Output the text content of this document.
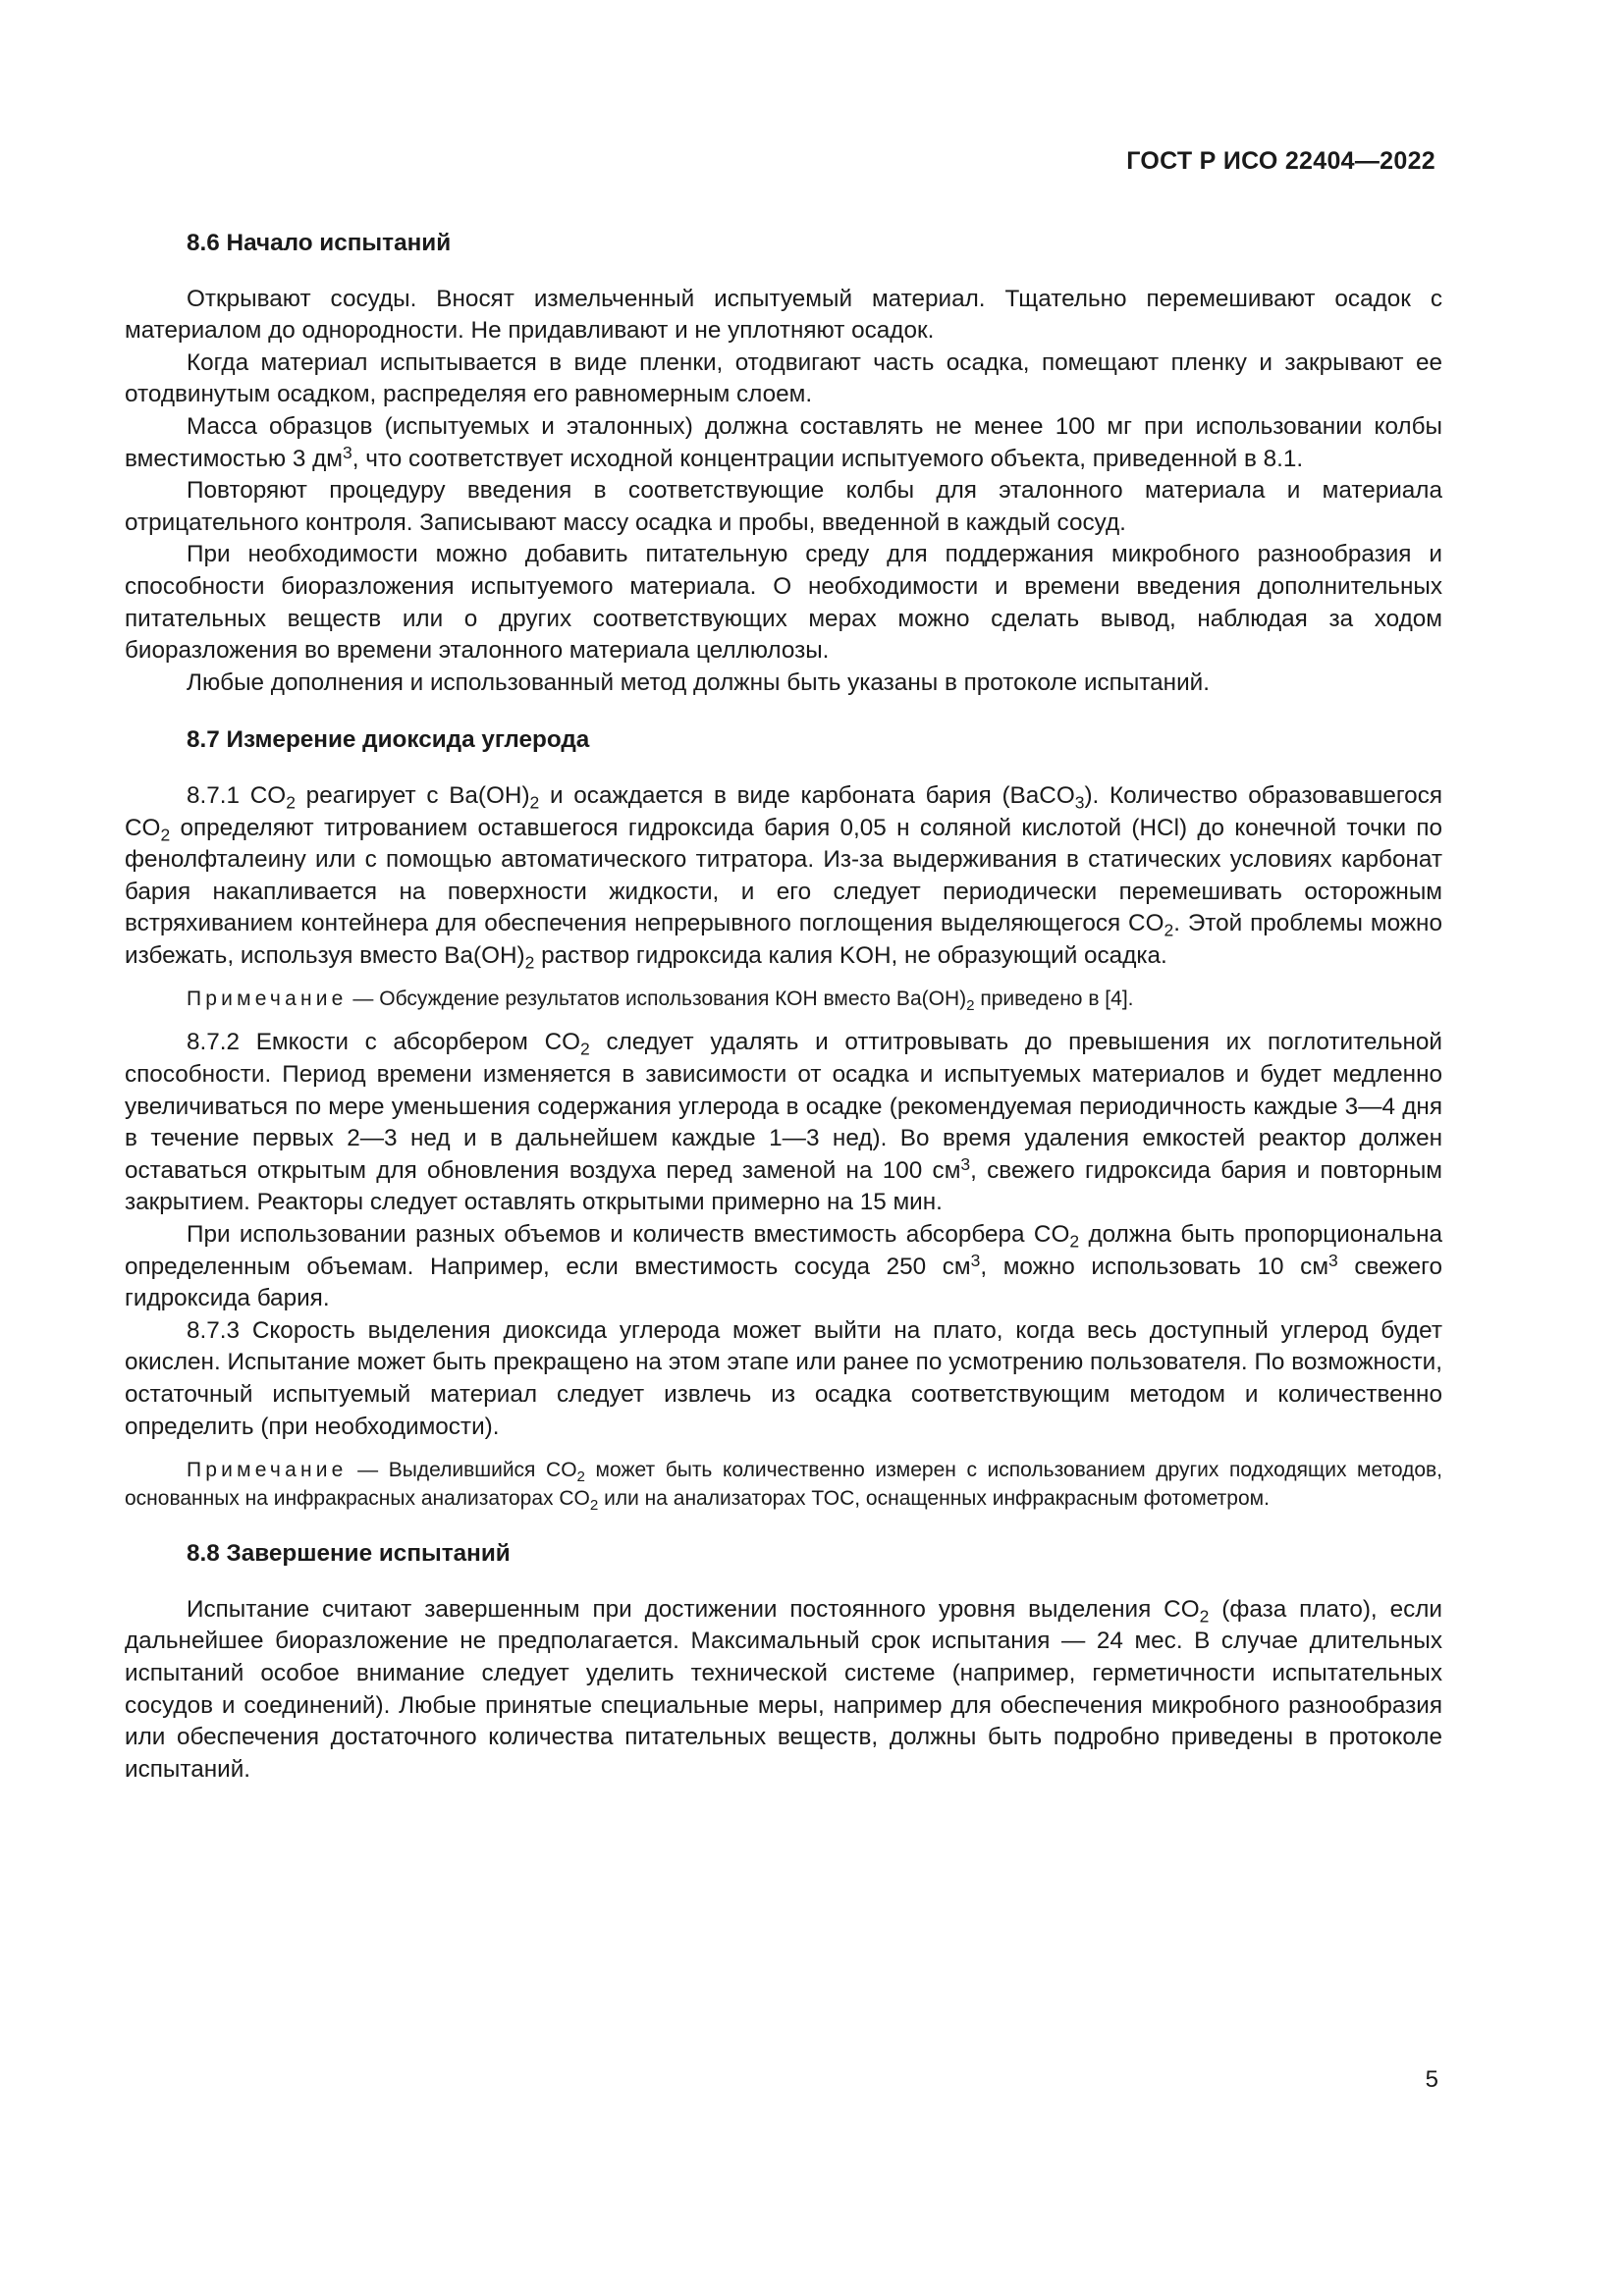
ГОСТ Р ИСО 22404—2022
8.6 Начало испытаний

Открывают сосуды. Вносят измельченный испытуемый материал. Тщательно перемешивают осадок с материалом до однородности. Не придавливают и не уплотняют осадок.

Когда материал испытывается в виде пленки, отодвигают часть осадка, помещают пленку и закрывают ее отодвинутым осадком, распределяя его равномерным слоем.

Масса образцов (испытуемых и эталонных) должна составлять не менее 100 мг при использовании колбы вместимостью 3 $дм^3$, что соответствует исходной концентрации испытуемого объекта, приведенной в 8.1.

Повторяют процедуру введения в соответствующие колбы для эталонного материала и материала отрицательного контроля. Записывают массу осадка и пробы, введенной в каждый сосуд.

При необходимости можно добавить питательную среду для поддержания микробного разнообразия и способности биоразложения испытуемого материала. О необходимости и времени введения дополнительных питательных веществ или о других соответствующих мерах можно сделать вывод, наблюдая за ходом биоразложения во времени эталонного материала целлюлозы.

Любые дополнения и использованный метод должны быть указаны в протоколе испытаний.

8.7 Измерение диоксида углерода

8.7.1 $CO_2$ реагирует с $Ba(OH)_2$ и осаждается в виде карбоната бария (BaCO$_3$). Количество образовавшегося $CO_2$ определяют титрованием оставшегося гидроксида бария 0,05 н соляной кислотой (HCl) до конечной точки по фенолфталеину или с помощью автоматического титратора. Из-за выдерживания в статических условиях карбонат бария накапливается на поверхности жидкости, и его следует периодически перемешивать осторожным встряхиванием контейнера для обеспечения непрерывного поглощения выделяющегося $CO_2$. Этой проблемы можно избежать, используя вместо $Ba(OH)_2$ раствор гидроксида калия KOH, не образующий осадка.

Примечание — Обсуждение результатов использования КОН вместо $Ba(OH)_2$ приведено в [4].

8.7.2 Емкости с абсорбером $CO_2$ следует удалять и оттитровывать до превышения их поглотительной способности. Период времени изменяется в зависимости от осадка и испытуемых материалов и будет медленно увеличиваться по мере уменьшения содержания углерода в осадке (рекомендуемая периодичность каждые 3—4 дня в течение первых 2—3 нед и в дальнейшем каждые 1—3 нед). Во время удаления емкостей реактор должен оставаться открытым для обновления воздуха перед заменой на 100 $см^3$, свежего гидроксида бария и повторным закрытием. Реакторы следует оставлять открытыми примерно на 15 мин.

При использовании разных объемов и количеств вместимость абсорбера $CO_2$ должна быть пропорциональна определенным объемам. Например, если вместимость сосуда 250 $см^3$, можно использовать 10 $см^3$ свежего гидроксида бария.

8.7.3 Скорость выделения диоксида углерода может выйти на плато, когда весь доступный углерод будет окислен. Испытание может быть прекращено на этом этапе или ранее по усмотрению пользователя. По возможности, остаточный испытуемый материал следует извлечь из осадка соответствующим методом и количественно определить (при необходимости).

Примечание — Выделившийся $CO_2$ может быть количественно измерен с использованием других подходящих методов, основанных на инфракрасных анализаторах $CO_2$ или на анализаторах TOC, оснащенных инфракрасным фотометром.
8.8 Завершение испытаний

Испытание считают завершенным при достижении постоянного уровня выделения $CO_2$ (фаза плато), если дальнейшее биоразложение не предполагается. Максимальный срок испытания — 24 мес. В случае длительных испытаний особое внимание следует уделить технической системе (например, герметичности испытательных сосудов и соединений). Любые принятые специальные меры, например для обеспечения микробного разнообразия или обеспечения достаточного количества питательных веществ, должны быть подробно приведены в протоколе испытаний.

5
